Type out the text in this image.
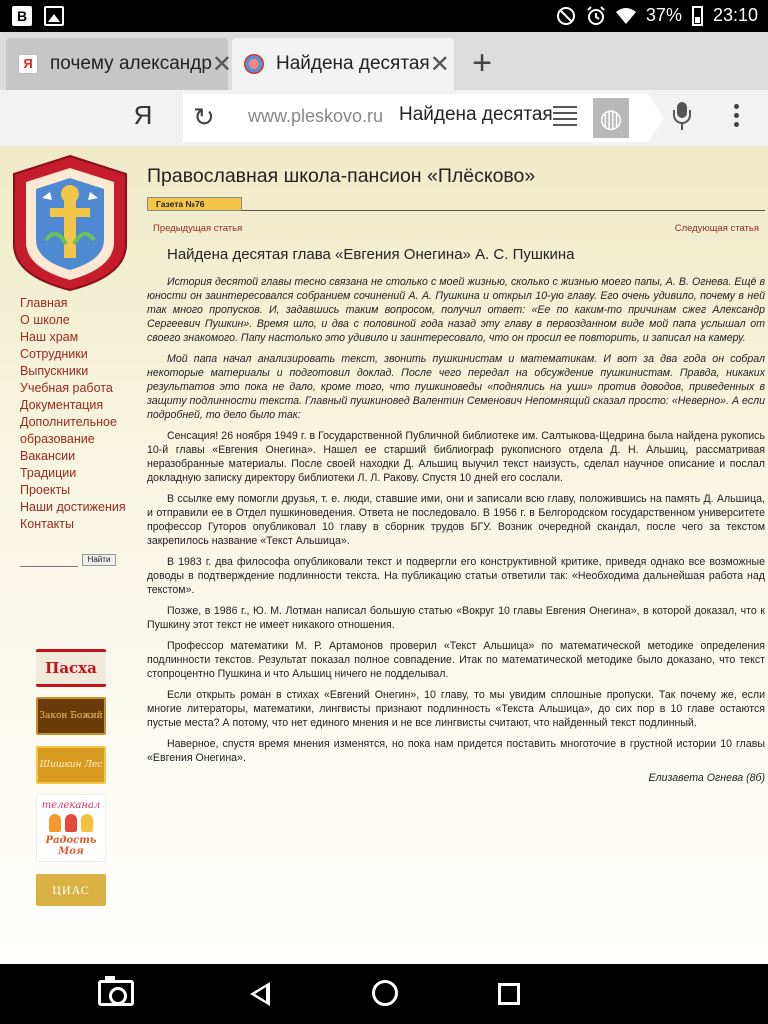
B	37% 23:10
Я почему александр ✕ Найдена десятая ✕ +
Я ↻ www.pleskovo.ru Найдена десятая ◍
Главная
О школе
Наш храм
Сотрудники
Выпускники
Учебная работа
Документация
Дополнительное
образование
Вакансии
Традиции
Проекты
Наши достижения
Контакты
Найти
Пасха
Закон Божий
Шишкин Лес
телеканал
Радость Моя
ЦИАС
Православная школа-пансион «Плёсково»
Газета №76
Предыдущая статья	Следующая статья
Найдена десятая глава «Евгения Онегина» А. С. Пушкина

История десятой главы тесно связана не столько с моей жизнью, сколько с жизнью моего папы, А. В. Огнева. Ещё в юности он заинтересовался собранием сочинений А. А. Пушкина и открыл 10-ую главу. Его очень удивило, почему в ней так много пропусков. И, задавшись таким вопросом, получил ответ: «Ее по каким-то причинам сжег Александр Сергеевич Пушкин». Время шло, и два с половиной года назад эту главу в первозданном виде мой папа услышал от своего знакомого. Папу настолько это удивило и заинтересовало, что он просил ее повторить, и записал на камеру.

Мой папа начал анализировать текст, звонить пушкинистам и математикам. И вот за два года он собрал некоторые материалы и подготовил доклад. После чего передал на обсуждение пушкинистам. Правда, никаких результатов это пока не дало, кроме того, что пушкиноведы «поднялись на уши» против доводов, приведенных в защиту подлинности текста. Главный пушкиновед Валентин Семенович Непомнящий сказал просто: «Неверно». А если подробней, то дело было так:

Сенсация! 26 ноября 1949 г. в Государственной Публичной библиотеке им. Салтыкова-Щедрина была найдена рукопись 10-й главы «Евгения Онегина». Нашел ее старший библиограф рукописного отдела Д. Н. Альшиц, рассматривая неразобранные материалы. После своей находки Д. Альшиц выучил текст наизусть, сделал научное описание и послал докладную записку директору библиотеки Л. Л. Ракову. Спустя 10 дней его сослали.

В ссылке ему помогли друзья, т. е. люди, ставшие ими, они и записали всю главу, положившись на память Д. Альшица, и отправили ее в Отдел пушкиноведения. Ответа не последовало. В 1956 г. в Белгородском государственном университете профессор Гуторов опубликовал 10 главу в сборник трудов БГУ. Возник очередной скандал, после чего за текстом закрепилось название «Текст Альшица».

В 1983 г. два философа опубликовали текст и подвергли его конструктивной критике, приведя однако все возможные доводы в подтверждение подлинности текста. На публикацию статьи ответили так: «Необходима дальнейшая работа над текстом».

Позже, в 1986 г., Ю. М. Лотман написал большую статью «Вокруг 10 главы Евгения Онегина», в которой доказал, что к Пушкину этот текст не имеет никакого отношения.

Профессор математики М. Р. Артамонов проверил «Текст Альшица» по математической методике определения подлинности текстов. Результат показал полное совпадение. Итак по математической методике было доказано, что текст стопроцентно Пушкина и что Альшиц ничего не подделывал.

Если открыть роман в стихах «Евгений Онегин», 10 главу, то мы увидим сплошные пропуски. Так почему же, если многие литераторы, математики, лингвисты признают подлинность «Текста Альшица», до сих пор в 10 главе остаются пустые места? А потому, что нет единого мнения и не все лингвисты считают, что найденный текст подлинный.

Наверное, спустя время мнения изменятся, но пока нам придется поставить многоточие в грустной истории 10 главы «Евгения Онегина».

Елизавета Огнева (8б)
